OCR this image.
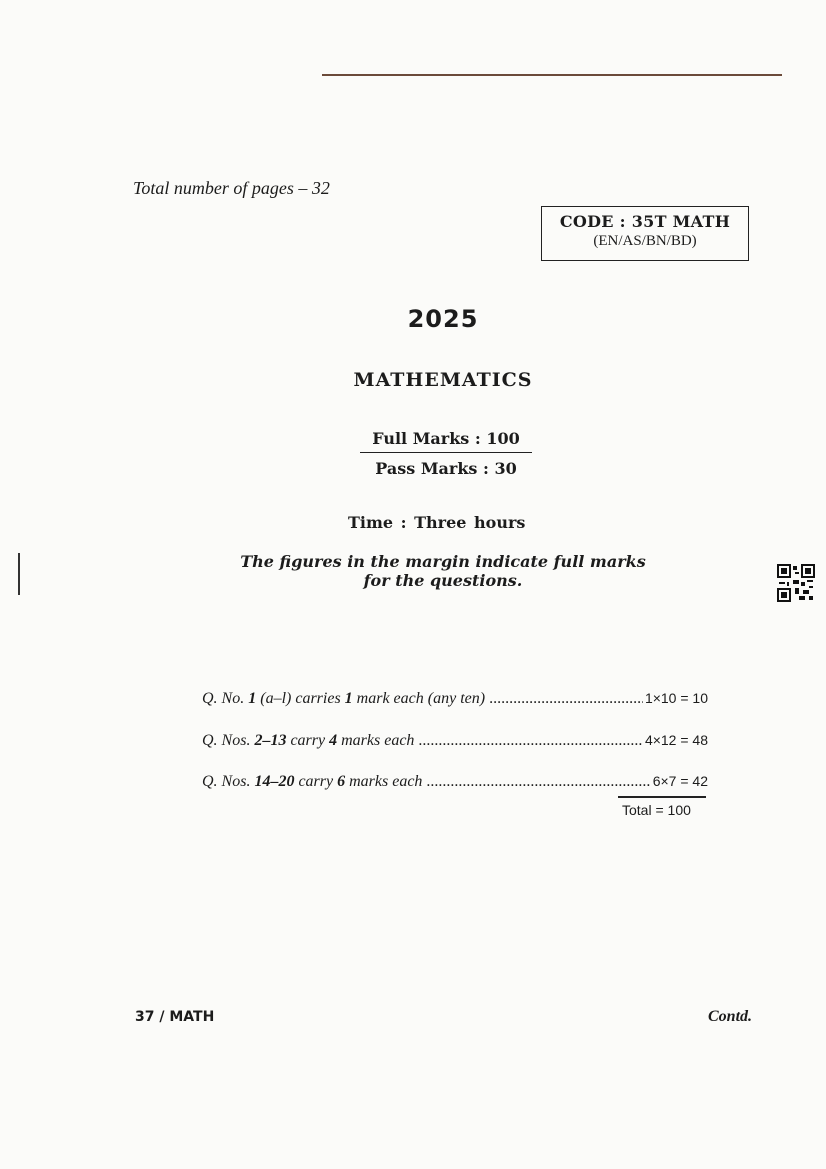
Total number of pages – 32
CODE : 35T MATH
(EN/AS/BN/BD)
2025
MATHEMATICS
Full Marks : 100
Pass Marks : 30
Time : Three hours
The figures in the margin indicate full marks
for the questions.
Q. No. 1 (a–l) carries 1 mark each (any ten) .....	1×10 = 10
Q. Nos. 2–13 carry 4 marks each .....	4×12 = 48
Q. Nos. 14–20 carry 6 marks each .....	6×7 = 42
Total = 100
37 / MATH	Contd.
